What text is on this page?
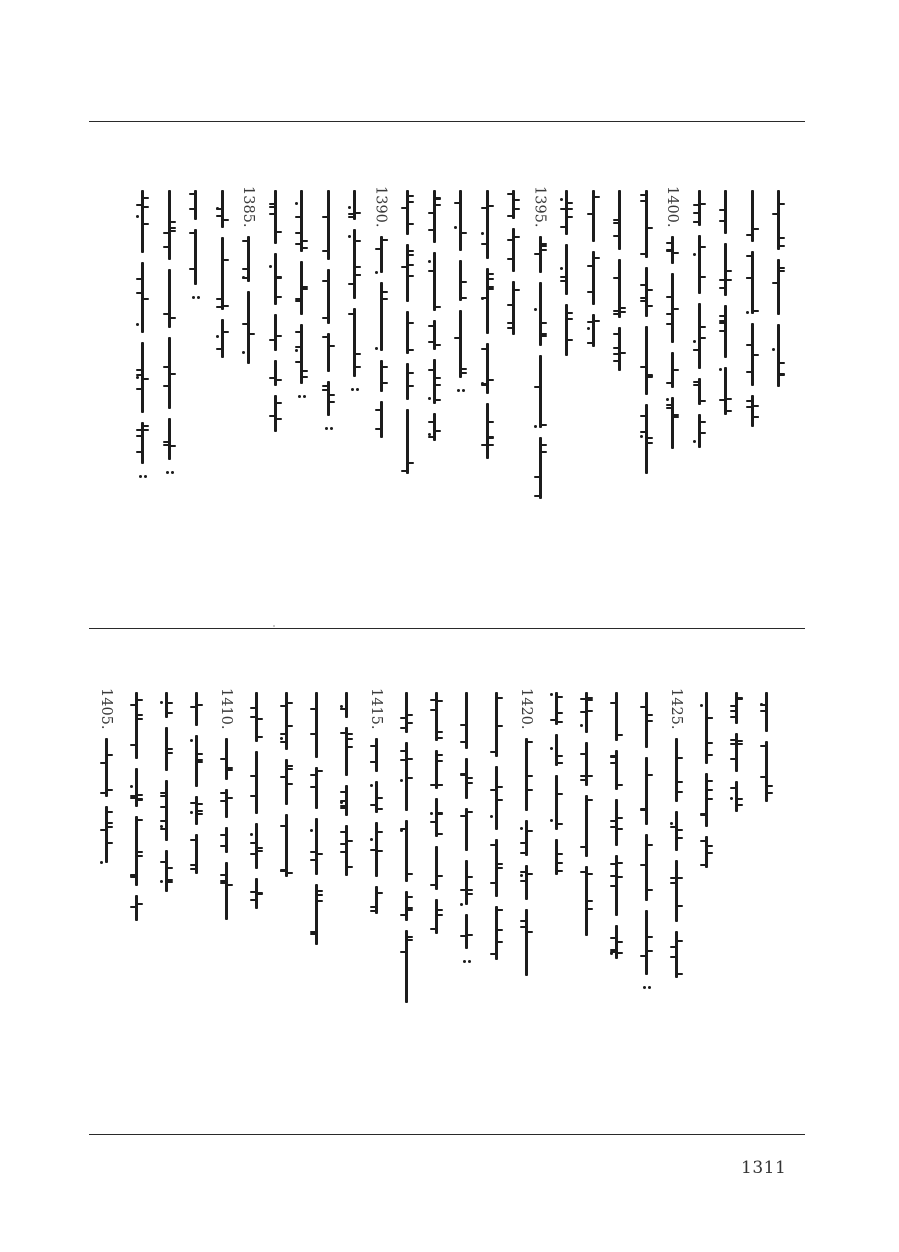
1400.
1395.
1390.
1385.
1425.
1420.
1415.
1410.
1405.
1311
